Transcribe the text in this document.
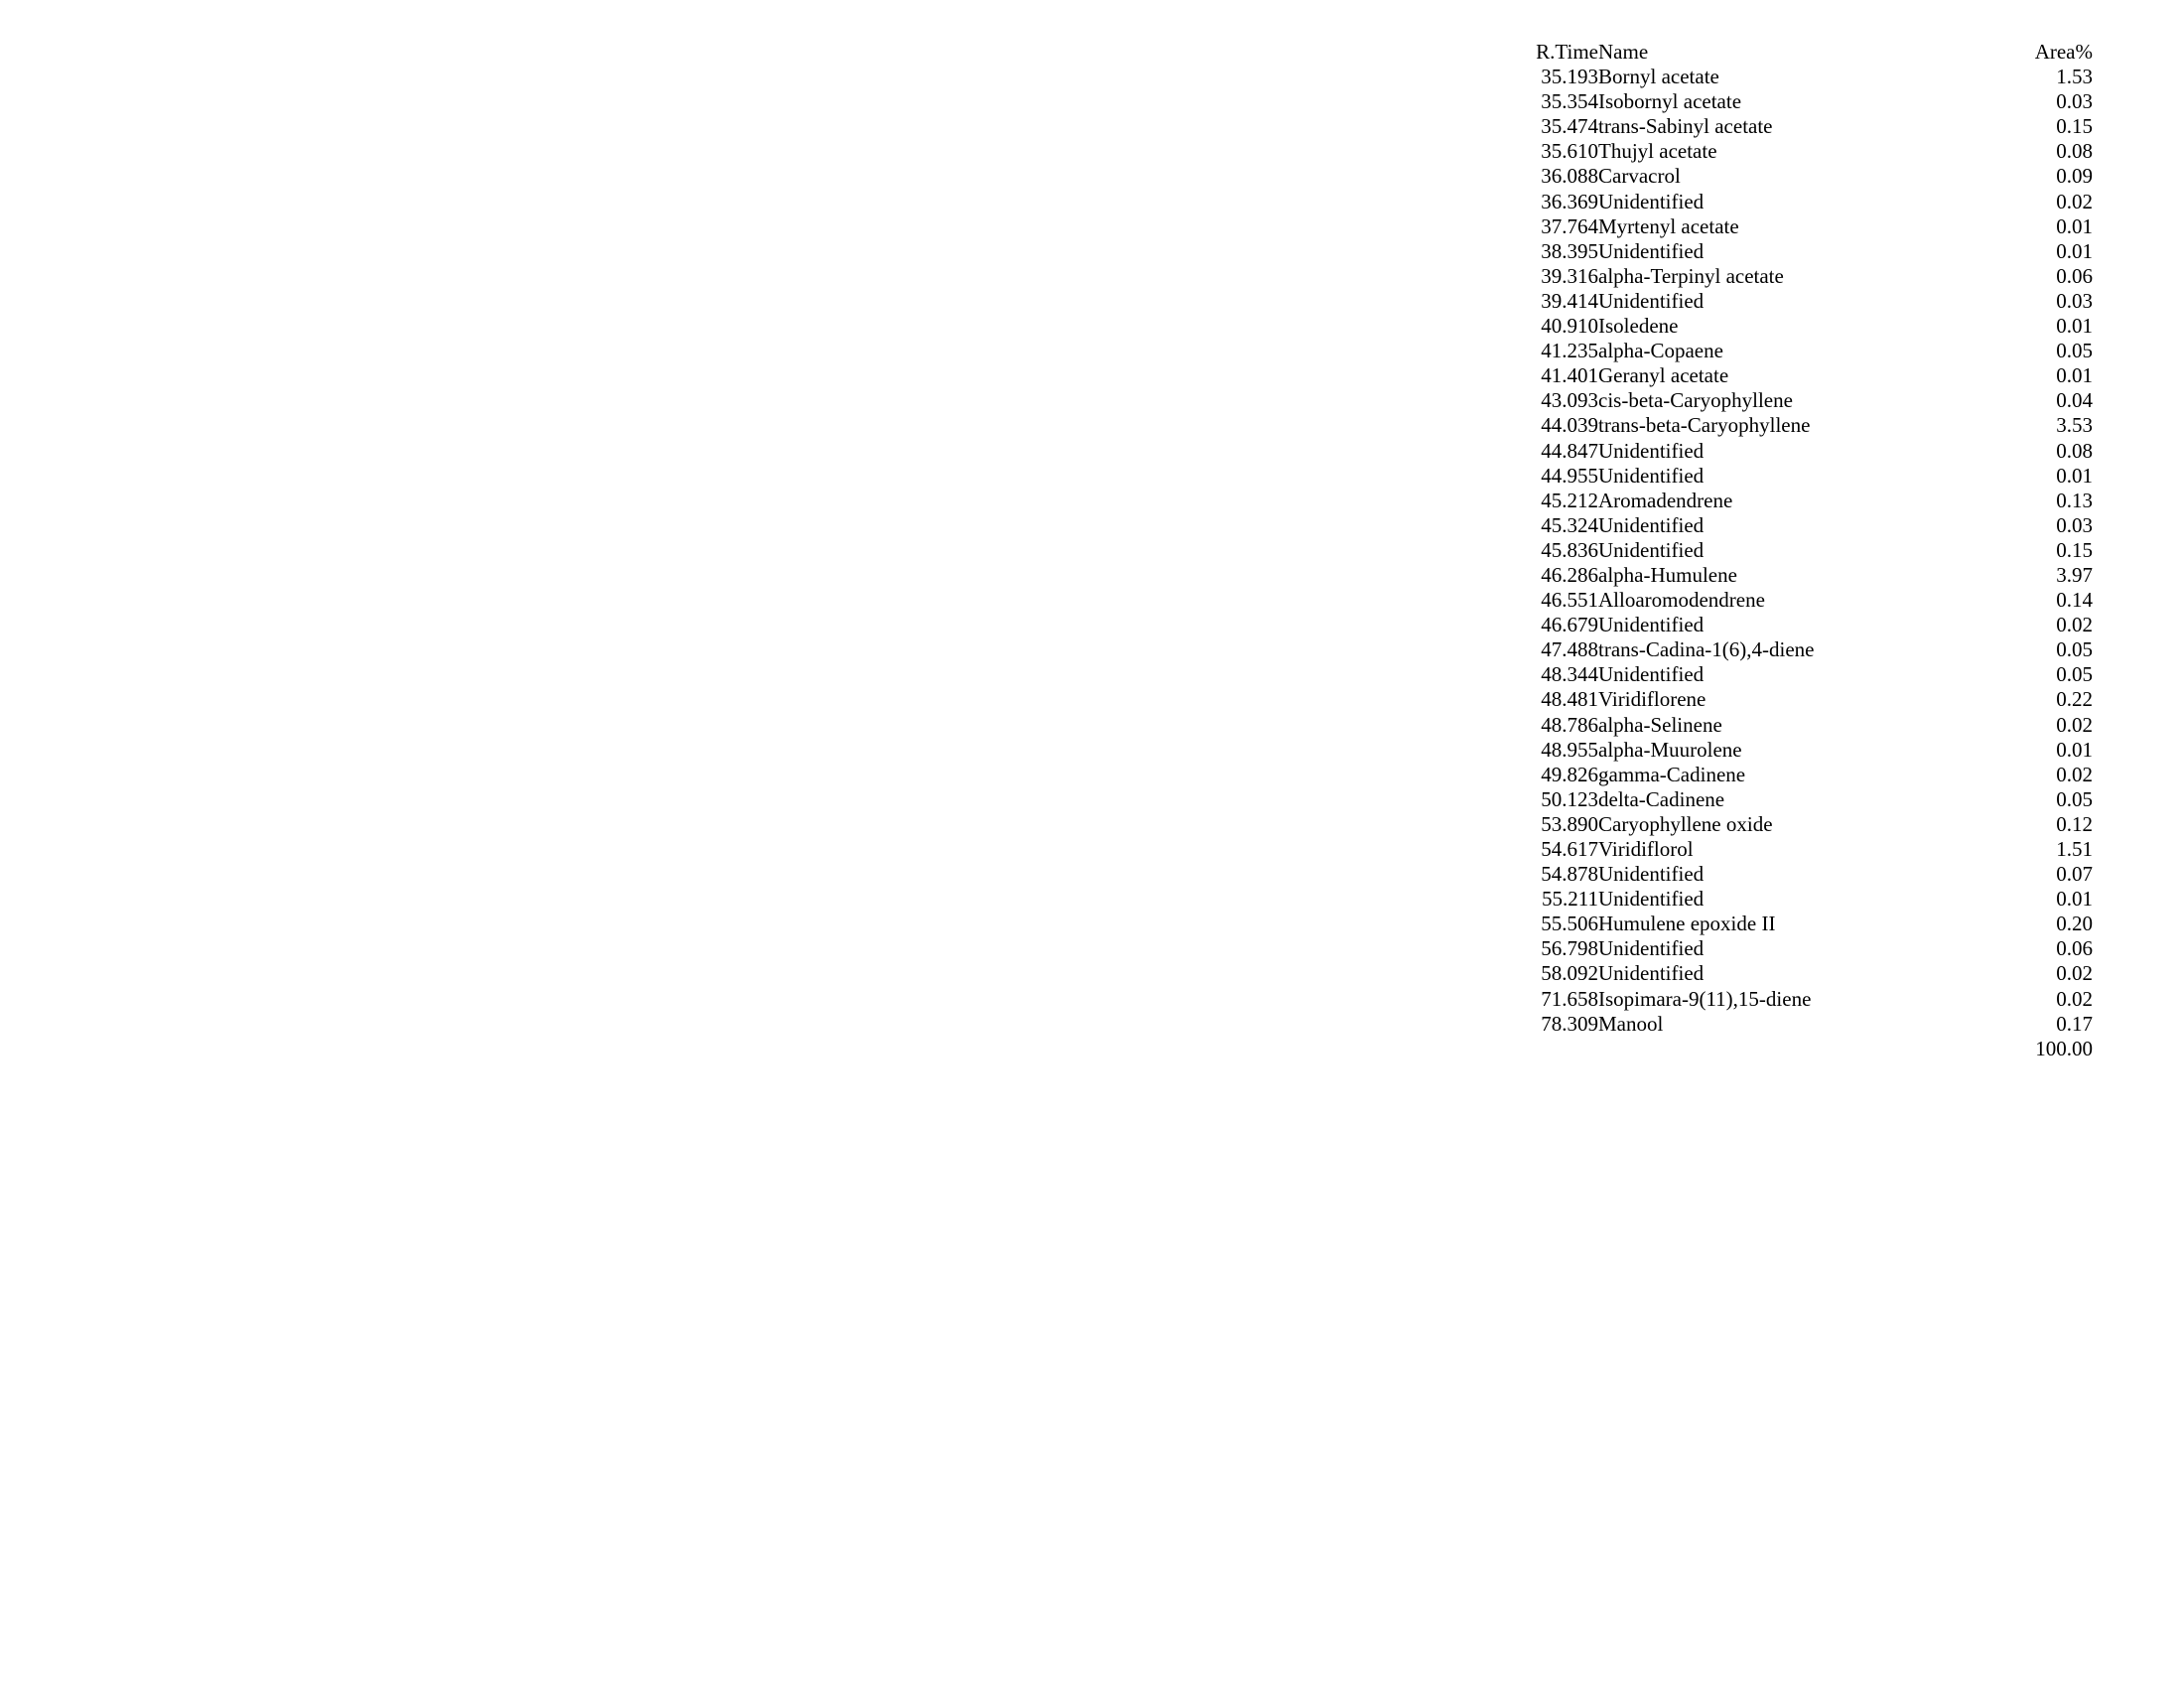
R.Time	Name	Area%
35.193	Bornyl acetate	1.53
35.354	Isobornyl acetate	0.03
35.474	trans-Sabinyl acetate	0.15
35.610	Thujyl acetate	0.08
36.088	Carvacrol	0.09
36.369	Unidentified	0.02
37.764	Myrtenyl acetate	0.01
38.395	Unidentified	0.01
39.316	alpha-Terpinyl acetate	0.06
39.414	Unidentified	0.03
40.910	Isoledene	0.01
41.235	alpha-Copaene	0.05
41.401	Geranyl acetate	0.01
43.093	cis-beta-Caryophyllene	0.04
44.039	trans-beta-Caryophyllene	3.53
44.847	Unidentified	0.08
44.955	Unidentified	0.01
45.212	Aromadendrene	0.13
45.324	Unidentified	0.03
45.836	Unidentified	0.15
46.286	alpha-Humulene	3.97
46.551	Alloaromodendrene	0.14
46.679	Unidentified	0.02
47.488	trans-Cadina-1(6),4-diene	0.05
48.344	Unidentified	0.05
48.481	Viridiflorene	0.22
48.786	alpha-Selinene	0.02
48.955	alpha-Muurolene	0.01
49.826	gamma-Cadinene	0.02
50.123	delta-Cadinene	0.05
53.890	Caryophyllene oxide	0.12
54.617	Viridiflorol	1.51
54.878	Unidentified	0.07
55.211	Unidentified	0.01
55.506	Humulene epoxide II	0.20
56.798	Unidentified	0.06
58.092	Unidentified	0.02
71.658	Isopimara-9(11),15-diene	0.02
78.309	Manool	0.17
		100.00
